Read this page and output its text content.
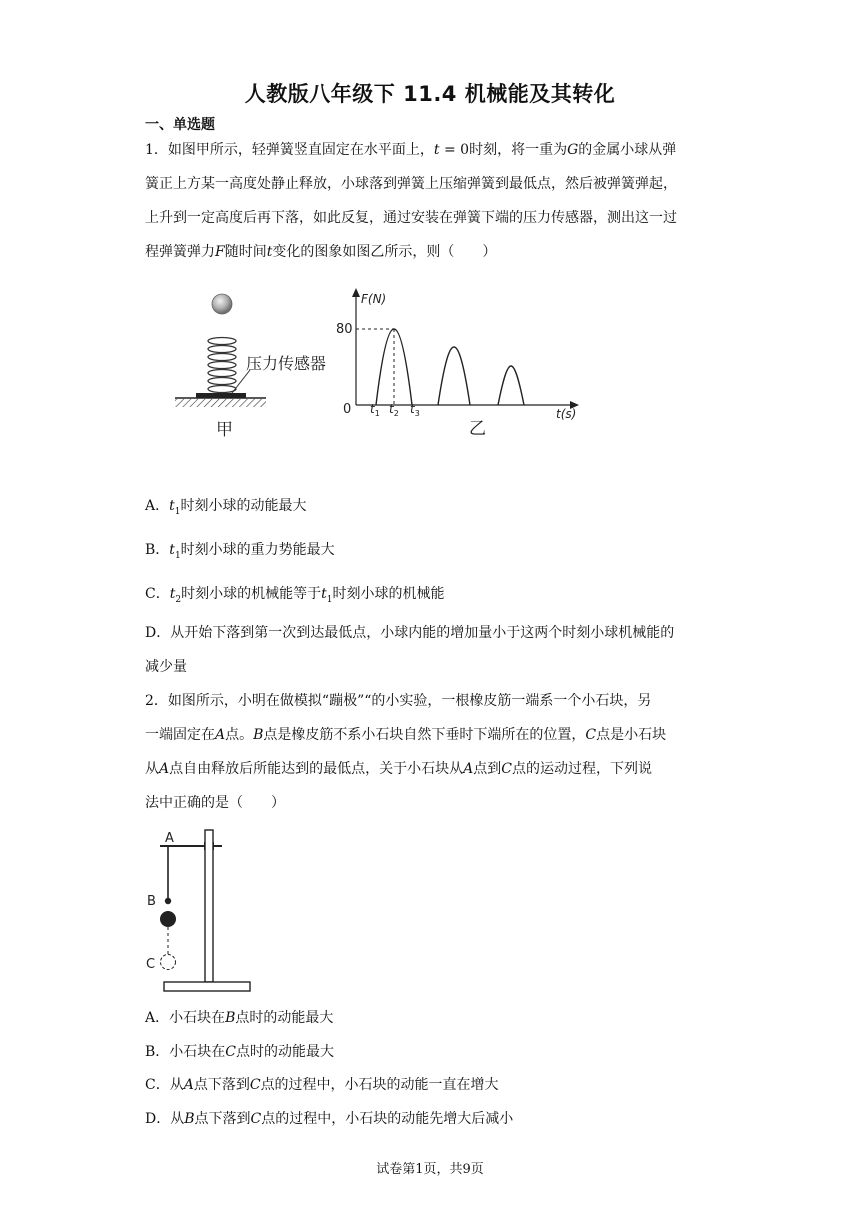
人教版八年级下 11.4 机械能及其转化
一、单选题
1．如图甲所示，轻弹簧竖直固定在水平面上，t = 0时刻，将一重为G的金属小球从弹
簧正上方某一高度处静止释放，小球落到弹簧上压缩弹簧到最低点，然后被弹簧弹起，
上升到一定高度后再下落，如此反复，通过安装在弹簧下端的压力传感器，测出这一过
程弹簧弹力F随时间t变化的图象如图乙所示，则（　　）
压力传感器
甲
F(N)
t(s)
80
0 $t_1$ $t_2$ $t_3$
乙
A．$t_1$时刻小球的动能最大
B．$t_1$时刻小球的重力势能最大
C．$t_2$时刻小球的机械能等于$t_1$时刻小球的机械能
D．从开始下落到第一次到达最低点，小球内能的增加量小于这两个时刻小球机械能的
减少量
2．如图所示，小明在做模拟“蹦极”“的小实验，一根橡皮筋一端系一个小石块，另
一端固定在A点。B点是橡皮筋不系小石块自然下垂时下端所在的位置，C点是小石块
从A点自由释放后所能达到的最低点，关于小石块从A点到C点的运动过程，下列说
法中正确的是（　　）
A
B
C
A．小石块在B点时的动能最大
B．小石块在C点时的动能最大
C．从A点下落到C点的过程中，小石块的动能一直在增大
D．从B点下落到C点的过程中，小石块的动能先增大后减小
试卷第1页，共9页
